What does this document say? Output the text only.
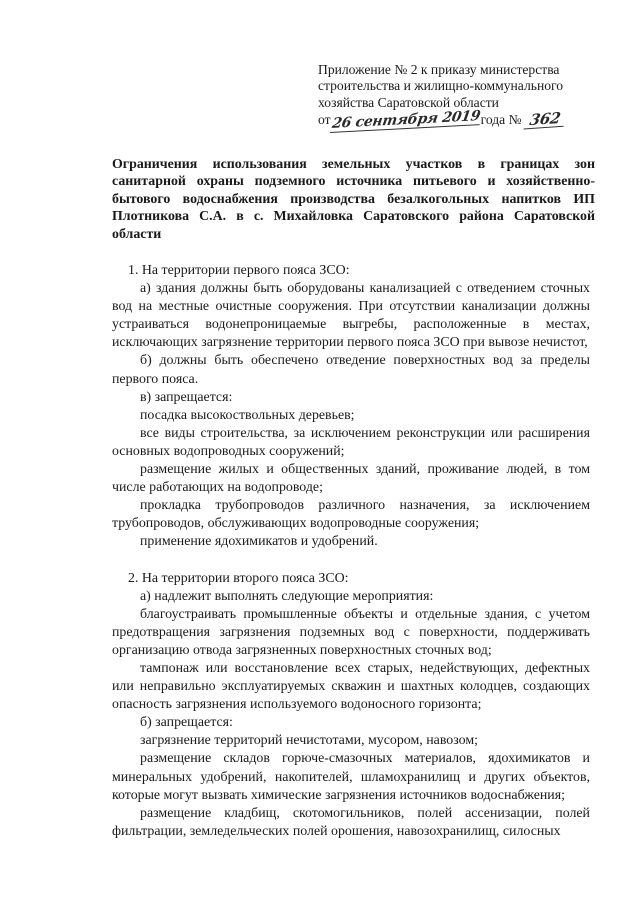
Приложение № 2 к приказу министерства
строительства и жилищно-коммунального
хозяйства Саратовской области
от26 сентября 2019года № 362
Ограничения использования земельных участков в границах зон санитарной охраны подземного источника питьевого и хозяйственно-бытового водоснабжения производства безалкогольных напитков ИП Плотникова С.А. в с. Михайловка Саратовского района Саратовской области

1. На территории первого пояса ЗСО:

а) здания должны быть оборудованы канализацией с отведением сточных вод на местные очистные сооружения. При отсутствии канализации должны устраиваться водонепроницаемые выгребы, расположенные в местах, исключающих загрязнение территории первого пояса ЗСО при вывозе нечистот,

б) должны быть обеспечено отведение поверхностных вод за пределы первого пояса.

в) запрещается:

посадка высокоствольных деревьев;

все виды строительства, за исключением реконструкции или расширения основных водопроводных сооружений;

размещение жилых и общественных зданий, проживание людей, в том числе работающих на водопроводе;

прокладка трубопроводов различного назначения, за исключением трубопроводов, обслуживающих водопроводные сооружения;

применение ядохимикатов и удобрений.

2. На территории второго пояса ЗСО:

а) надлежит выполнять следующие мероприятия:

благоустраивать промышленные объекты и отдельные здания, с учетом предотвращения загрязнения подземных вод с поверхности, поддерживать организацию отвода загрязненных поверхностных сточных вод;

тампонаж или восстановление всех старых, недействующих, дефектных или неправильно эксплуатируемых скважин и шахтных колодцев, создающих опасность загрязнения используемого водоносного горизонта;

б) запрещается:

загрязнение территорий нечистотами, мусором, навозом;

размещение складов горюче-смазочных материалов, ядохимикатов и минеральных удобрений, накопителей, шламохранилищ и других объектов, которые могут вызвать химические загрязнения источников водоснабжения;

размещение кладбищ, скотомогильников, полей ассенизации, полей фильтрации, земледельческих полей орошения, навозохранилищ, силосных
